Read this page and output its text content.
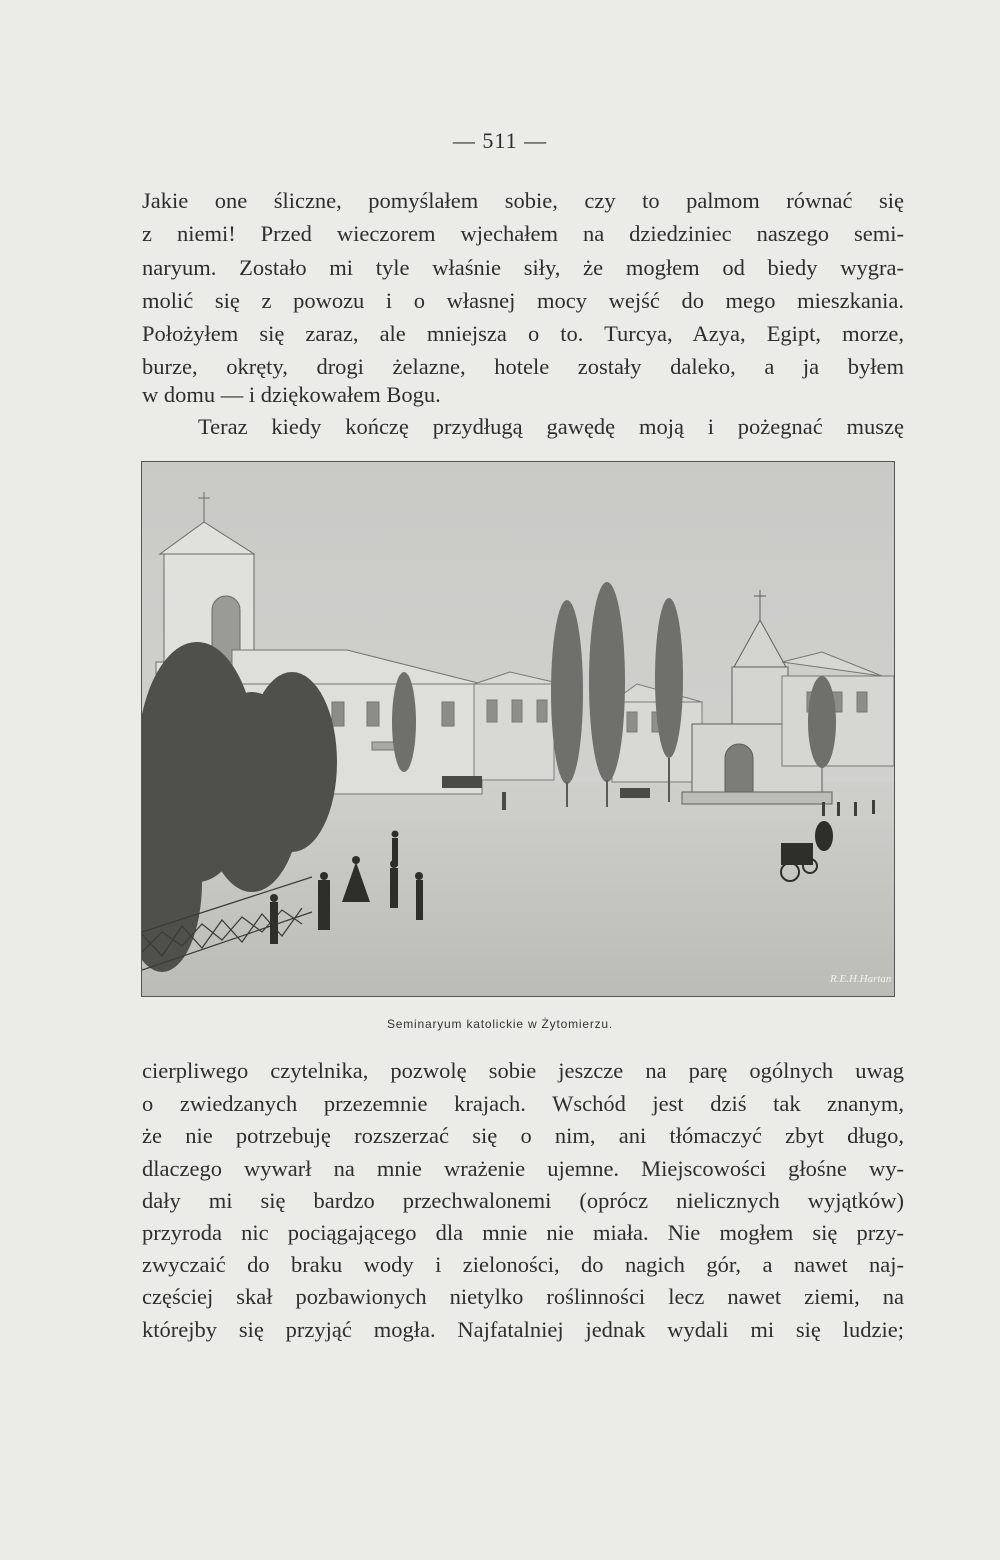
— 511 —
Jakie one śliczne, pomyślałem sobie, czy to palmom równać się
z niemi! Przed wieczorem wjechałem na dziedziniec naszego semi-
naryum. Zostało mi tyle właśnie siły, że mogłem od biedy wygra-
molić się z powozu i o własnej mocy wejść do mego mieszkania.
Położyłem się zaraz, ale mniejsza o to. Turcya, Azya, Egipt, morze,
burze, okręty, drogi żelazne, hotele zostały daleko, a ja byłem
w domu — i dziękowałem Bogu.
Teraz kiedy kończę przydługą gawędę moją i pożegnać muszę
R.E.H.Hartan
Seminaryum katolickie w Żytomierzu.
cierpliwego czytelnika, pozwolę sobie jeszcze na parę ogólnych uwag
o zwiedzanych przezemnie krajach. Wschód jest dziś tak znanym,
że nie potrzebuję rozszerzać się o nim, ani tłómaczyć zbyt długo,
dlaczego wywarł na mnie wrażenie ujemne. Miejscowości głośne wy-
dały mi się bardzo przechwalonemi (oprócz nielicznych wyjątków)
przyroda nic pociągającego dla mnie nie miała. Nie mogłem się przy-
zwyczaić do braku wody i zieloności, do nagich gór, a nawet naj-
częściej skał pozbawionych nietylko roślinności lecz nawet ziemi, na
którejby się przyjąć mogła. Najfatalniej jednak wydali mi się ludzie;
